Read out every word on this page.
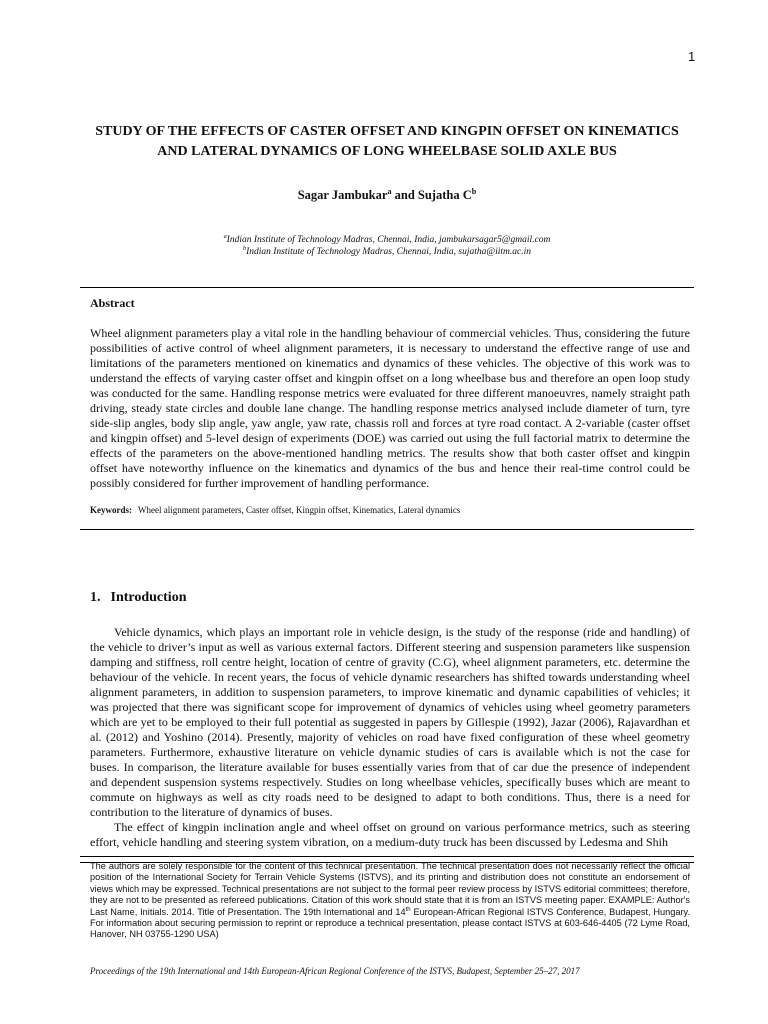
1
STUDY OF THE EFFECTS OF CASTER OFFSET AND KINGPIN OFFSET ON KINEMATICS AND LATERAL DYNAMICS OF LONG WHEELBASE SOLID AXLE BUS
Sagar Jambukar$^a$ and Sujatha $C^b$
$^a$Indian Institute of Technology Madras, Chennai, India, jambukarsagar5@gmail.com
$^b$Indian Institute of Technology Madras, Chennai, India, sujatha@iitm.ac.in
Abstract
Wheel alignment parameters play a vital role in the handling behaviour of commercial vehicles. Thus, considering the future possibilities of active control of wheel alignment parameters, it is necessary to understand the effective range of use and limitations of the parameters mentioned on kinematics and dynamics of these vehicles. The objective of this work was to understand the effects of varying caster offset and kingpin offset on a long wheelbase bus and therefore an open loop study was conducted for the same. Handling response metrics were evaluated for three different manoeuvres, namely straight path driving, steady state circles and double lane change. The handling response metrics analysed include diameter of turn, tyre side-slip angles, body slip angle, yaw angle, yaw rate, chassis roll and forces at tyre road contact. A 2-variable (caster offset and kingpin offset) and 5-level design of experiments (DOE) was carried out using the full factorial matrix to determine the effects of the parameters on the above-mentioned handling metrics. The results show that both caster offset and kingpin offset have noteworthy influence on the kinematics and dynamics of the bus and hence their real-time control could be possibly considered for further improvement of handling performance.
Keywords: Wheel alignment parameters, Caster offset, Kingpin offset, Kinematics, Lateral dynamics
1. Introduction

Vehicle dynamics, which plays an important role in vehicle design, is the study of the response (ride and handling) of the vehicle to driver’s input as well as various external factors. Different steering and suspension parameters like suspension damping and stiffness, roll centre height, location of centre of gravity (C.G), wheel alignment parameters, etc. determine the behaviour of the vehicle. In recent years, the focus of vehicle dynamic researchers has shifted towards understanding wheel alignment parameters, in addition to suspension parameters, to improve kinematic and dynamic capabilities of vehicles; it was projected that there was significant scope for improvement of dynamics of vehicles using wheel geometry parameters which are yet to be employed to their full potential as suggested in papers by Gillespie (1992), Jazar (2006), Rajavardhan et al. (2012) and Yoshino (2014). Presently, majority of vehicles on road have fixed configuration of these wheel geometry parameters. Furthermore, exhaustive literature on vehicle dynamic studies of cars is available which is not the case for buses. In comparison, the literature available for buses essentially varies from that of car due the presence of independent and dependent suspension systems respectively. Studies on long wheelbase vehicles, specifically buses which are meant to commute on highways as well as city roads need to be designed to adapt to both conditions. Thus, there is a need for contribution to the literature of dynamics of buses.

The effect of kingpin inclination angle and wheel offset on ground on various performance metrics, such as steering effort, vehicle handling and steering system vibration, on a medium-duty truck has been discussed by Ledesma and Shih

The authors are solely responsible for the content of this technical presentation. The technical presentation does not necessarily reflect the official position of the International Society for Terrain Vehicle Systems (ISTVS), and its printing and distribution does not constitute an endorsement of views which may be expressed. Technical presentations are not subject to the formal peer review process by ISTVS editorial committees; therefore, they are not to be presented as refereed publications. Citation of this work should state that it is from an ISTVS meeting paper. EXAMPLE: Author's Last Name, Initials. 2014. Title of Presentation. The 19th International and 14th European-African Regional ISTVS Conference, Budapest, Hungary. For information about securing permission to reprint or reproduce a technical presentation, please contact ISTVS at 603-646-4405 (72 Lyme Road, Hanover, NH 03755-1290 USA)
Proceedings of the 19th International and 14th European-African Regional Conference of the ISTVS, Budapest, September 25–27, 2017
